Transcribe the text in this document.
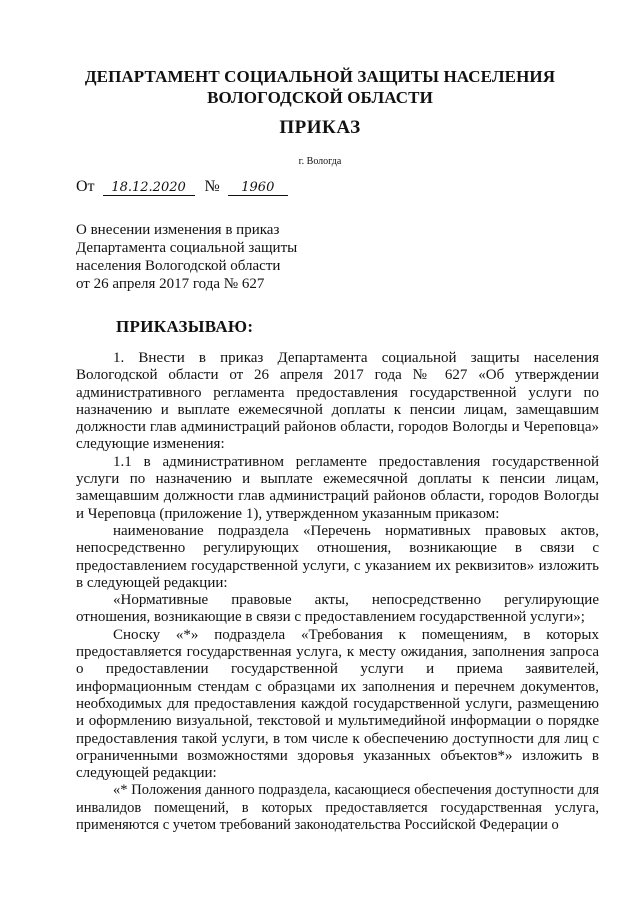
ДЕПАРТАМЕНТ СОЦИАЛЬНОЙ ЗАЩИТЫ НАСЕЛЕНИЯ
ВОЛОГОДСКОЙ ОБЛАСТИ
ПРИКАЗ
г. Вологда
От 18.12.2020 № 1960
О внесении изменения в приказ
Департамента социальной защиты
населения Вологодской области
от 26 апреля 2017 года № 627
ПРИКАЗЫВАЮ:

1. Внести в приказ Департамента социальной защиты населения Вологодской области от 26 апреля 2017 года № 627 «Об утверждении административного регламента предоставления государственной услуги по назначению и выплате ежемесячной доплаты к пенсии лицам, замещавшим должности глав администраций районов области, городов Вологды и Череповца» следующие изменения:

1.1 в административном регламенте предоставления государственной услуги по назначению и выплате ежемесячной доплаты к пенсии лицам, замещавшим должности глав администраций районов области, городов Вологды и Череповца (приложение 1), утвержденном указанным приказом:

наименование подраздела «Перечень нормативных правовых актов, непосредственно регулирующих отношения, возникающие в связи с предоставлением государственной услуги, с указанием их реквизитов» изложить в следующей редакции:

«Нормативные правовые акты, непосредственно регулирующие отношения, возникающие в связи с предоставлением государственной услуги»;

Сноску «*» подраздела «Требования к помещениям, в которых предоставляется государственная услуга, к месту ожидания, заполнения запроса о предоставлении государственной услуги и приема заявителей, информационным стендам с образцами их заполнения и перечнем документов, необходимых для предоставления каждой государственной услуги, размещению и оформлению визуальной, текстовой и мультимедийной информации о порядке предоставления такой услуги, в том числе к обеспечению доступности для лиц с ограниченными возможностями здоровья указанных объектов*» изложить в следующей редакции:

«* Положения данного подраздела, касающиеся обеспечения доступности для инвалидов помещений, в которых предоставляется государственная услуга, применяются с учетом требований законодательства Российской Федерации о
